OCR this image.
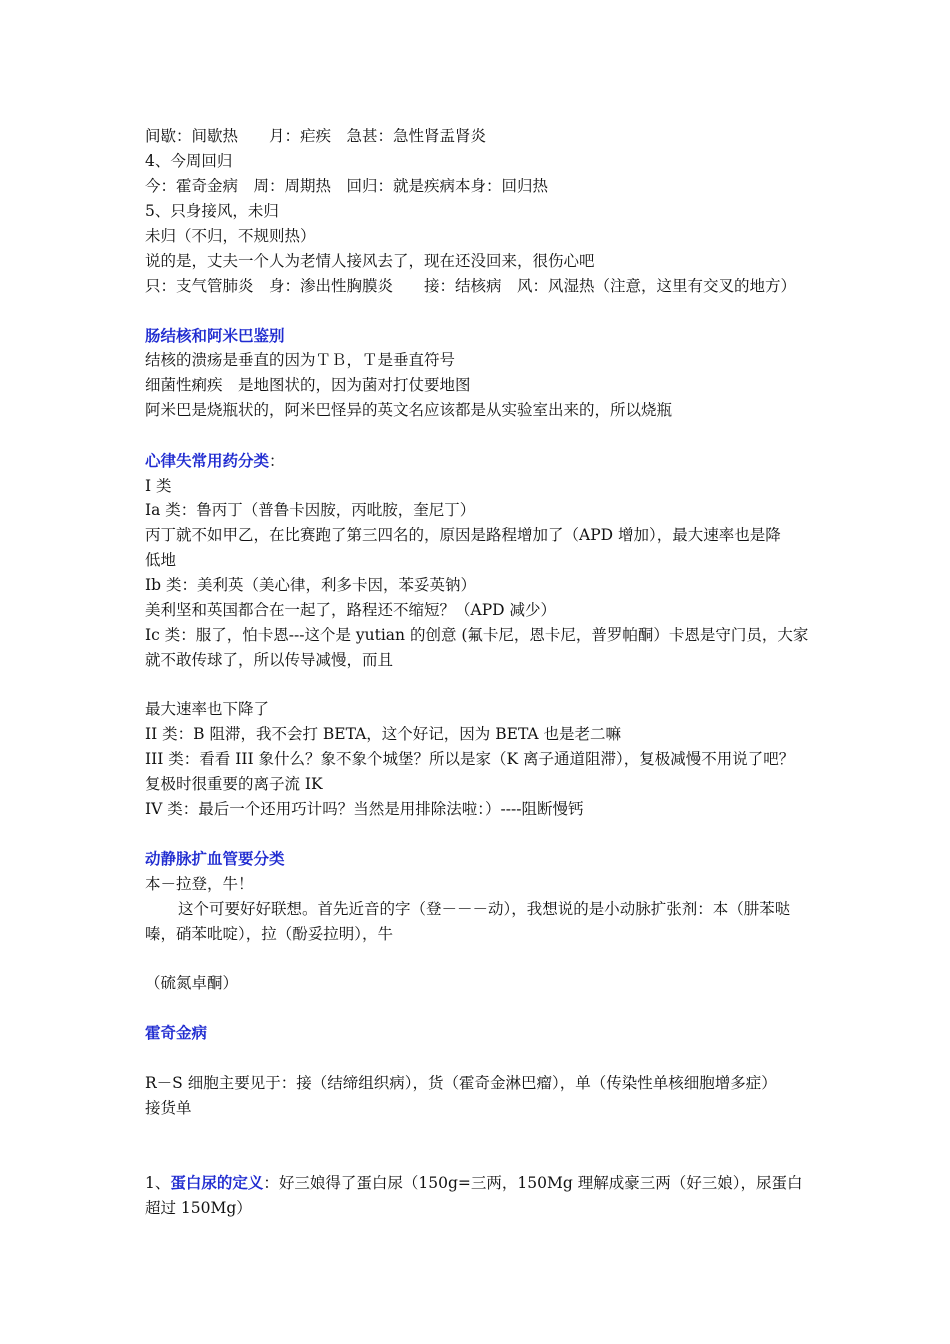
间歇：间歇热　　月：疟疾　急甚：急性肾盂肾炎
4、今周回归
今：霍奇金病　周：周期热　回归：就是疾病本身：回归热
5、只身接风，未归
未归（不归，不规则热）
说的是，丈夫一个人为老情人接风去了，现在还没回来，很伤心吧
只：支气管肺炎　身：渗出性胸膜炎　　接：结核病　风：风湿热（注意，这里有交叉的地方）
肠结核和阿米巴鉴别
结核的溃疡是垂直的因为ＴＢ，Ｔ是垂直符号
细菌性痢疾　是地图状的，因为菌对打仗要地图
阿米巴是烧瓶状的，阿米巴怪异的英文名应该都是从实验室出来的，所以烧瓶
心律失常用药分类：
I 类
Ia 类：鲁丙丁（普鲁卡因胺，丙吡胺，奎尼丁）
丙丁就不如甲乙，在比赛跑了第三四名的，原因是路程增加了（APD 增加），最大速率也是降
低地
Ib 类：美利英（美心律，利多卡因，苯妥英钠）
美利坚和英国都合在一起了，路程还不缩短？（APD 减少）
Ic 类：服了，怕卡恩---这个是 yutian 的创意 (氟卡尼，恩卡尼，普罗帕酮）卡恩是守门员，大家
就不敢传球了，所以传导减慢，而且
最大速率也下降了
II 类：B 阻滞，我不会打 BETA，这个好记，因为 BETA 也是老二嘛
III 类：看看 III 象什么？象不象个城堡？所以是家（K 离子通道阻滞），复极减慢不用说了吧？
复极时很重要的离子流 IK
IV 类：最后一个还用巧计吗？当然是用排除法啦：）----阻断慢钙
动静脉扩血管要分类
本－拉登，牛！
这个可要好好联想。首先近音的字（登－－－动），我想说的是小动脉扩张剂：本（肼苯哒
嗪，硝苯吡啶），拉（酚妥拉明），牛
（硫氮卓酮）
霍奇金病
R－S 细胞主要见于：接（结缔组织病），货（霍奇金淋巴瘤），单（传染性单核细胞增多症）
接货单
1、蛋白尿的定义：好三娘得了蛋白尿（150g=三两，150Mg 理解成豪三两（好三娘），尿蛋白
超过 150Mg）
